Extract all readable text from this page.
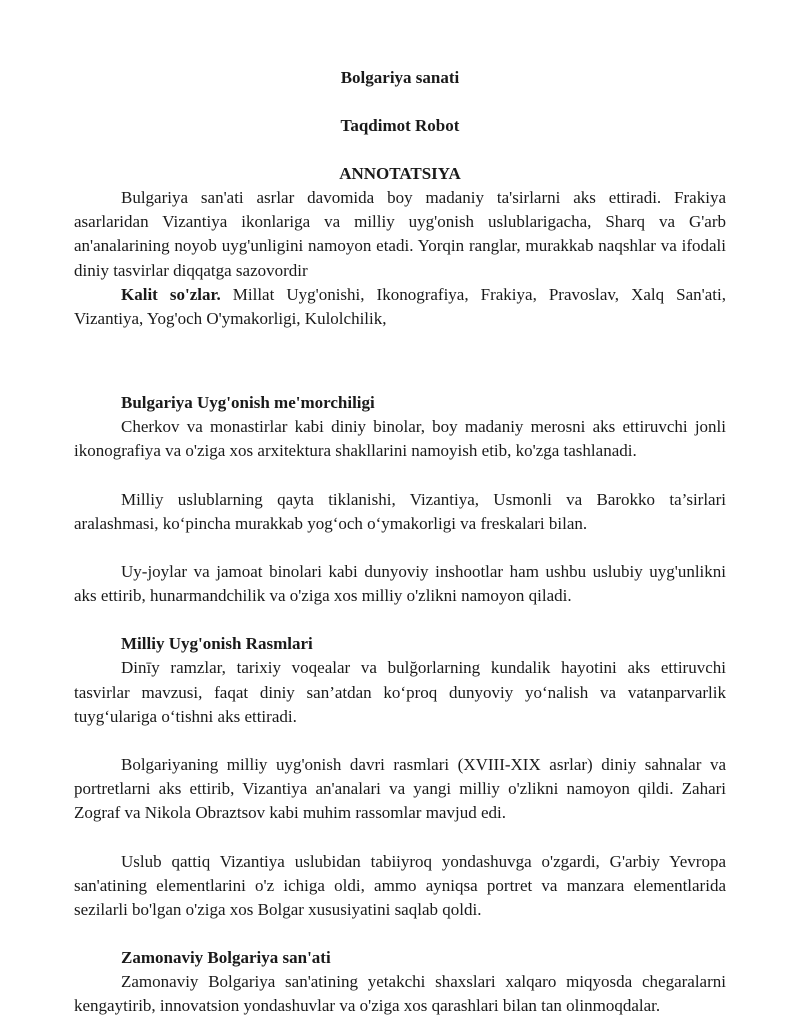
Bolgariya sanati
Taqdimot Robot
ANNOTATSIYA

Bulgariya san'ati asrlar davomida boy madaniy ta'sirlarni aks ettiradi. Frakiya asarlaridan Vizantiya ikonlariga va milliy uyg'onish uslublarigacha, Sharq va G'arb an'analarining noyob uyg'unligini namoyon etadi. Yorqin ranglar, murakkab naqshlar va ifodali diniy tasvirlar diqqatga sazovordir

Kalit so'zlar. Millat Uyg'onishi, Ikonografiya, Frakiya, Pravoslav, Xalq San'ati, Vizantiya, Yog'och O'ymakorligi, Kulolchilik,

Bulgariya Uyg'onish me'morchiligi

Cherkov va monastirlar kabi diniy binolar, boy madaniy merosni aks ettiruvchi jonli ikonografiya va o'ziga xos arxitektura shakllarini namoyish etib, ko'zga tashlanadi.

Milliy uslublarning qayta tiklanishi, Vizantiya, Usmonli va Barokko ta’sirlari aralashmasi, ko‘pincha murakkab yog‘och o‘ymakorligi va freskalari bilan.

Uy-joylar va jamoat binolari kabi dunyoviy inshootlar ham ushbu uslubiy uyg'unlikni aks ettirib, hunarmandchilik va o'ziga xos milliy o'zlikni namoyon qiladi.

Milliy Uyg'onish Rasmlari

Dinīy ramzlar, tarixiy voqealar va bulğorlarning kundalik hayotini aks ettiruvchi tasvirlar mavzusi, faqat diniy san’atdan ko‘proq dunyoviy yo‘nalish va vatanparvarlik tuyg‘ulariga o‘tishni aks ettiradi.

Bolgariyaning milliy uyg'onish davri rasmlari (XVIII-XIX asrlar) diniy sahnalar va portretlarni aks ettirib, Vizantiya an'analari va yangi milliy o'zlikni namoyon qildi. Zahari Zograf va Nikola Obraztsov kabi muhim rassomlar mavjud edi.

Uslub qattiq Vizantiya uslubidan tabiiyroq yondashuvga o'zgardi, G'arbiy Yevropa san'atining elementlarini o'z ichiga oldi, ammo ayniqsa portret va manzara elementlarida sezilarli bo'lgan o'ziga xos Bolgar xususiyatini saqlab qoldi.

Zamonaviy Bolgariya san'ati

Zamonaviy Bolgariya san'atining yetakchi shaxslari xalqaro miqyosda chegaralarni kengaytirib, innovatsion yondashuvlar va o'ziga xos qarashlari bilan tan olinmoqdalar.
